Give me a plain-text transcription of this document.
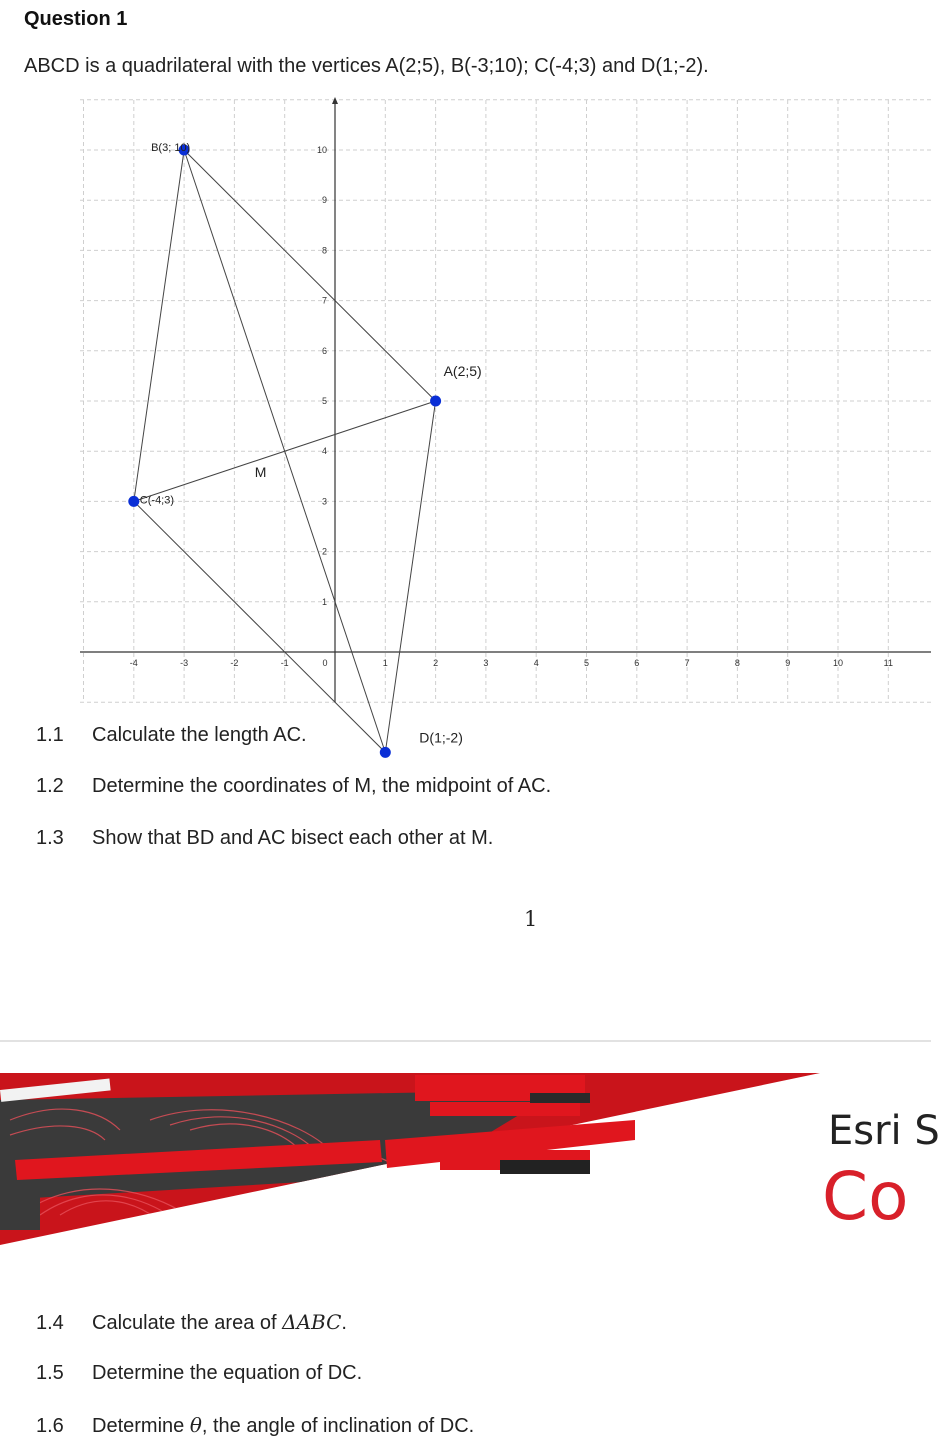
Question 1
ABCD is a quadrilateral with the vertices A(2;5), B(-3;10); C(-4;3) and D(1;-2).
-4	-3	-2	-1	0	1	2	3	4	5	6	7	8	9	10	11
1
2
3
4
5
6
7
8
9
10
A(2;5)
B(3; 10)
C(-4;3)
D(1;-2)
M
1.1 Calculate the length AC.
1.2 Determine the coordinates of M, the midpoint of AC.
1.3 Show that BD and AC bisect each other at M.
1
Esri S
Co
1.4 Calculate the area of ΔABC.
1.5 Determine the equation of DC.
1.6 Determine θ, the angle of inclination of DC.
